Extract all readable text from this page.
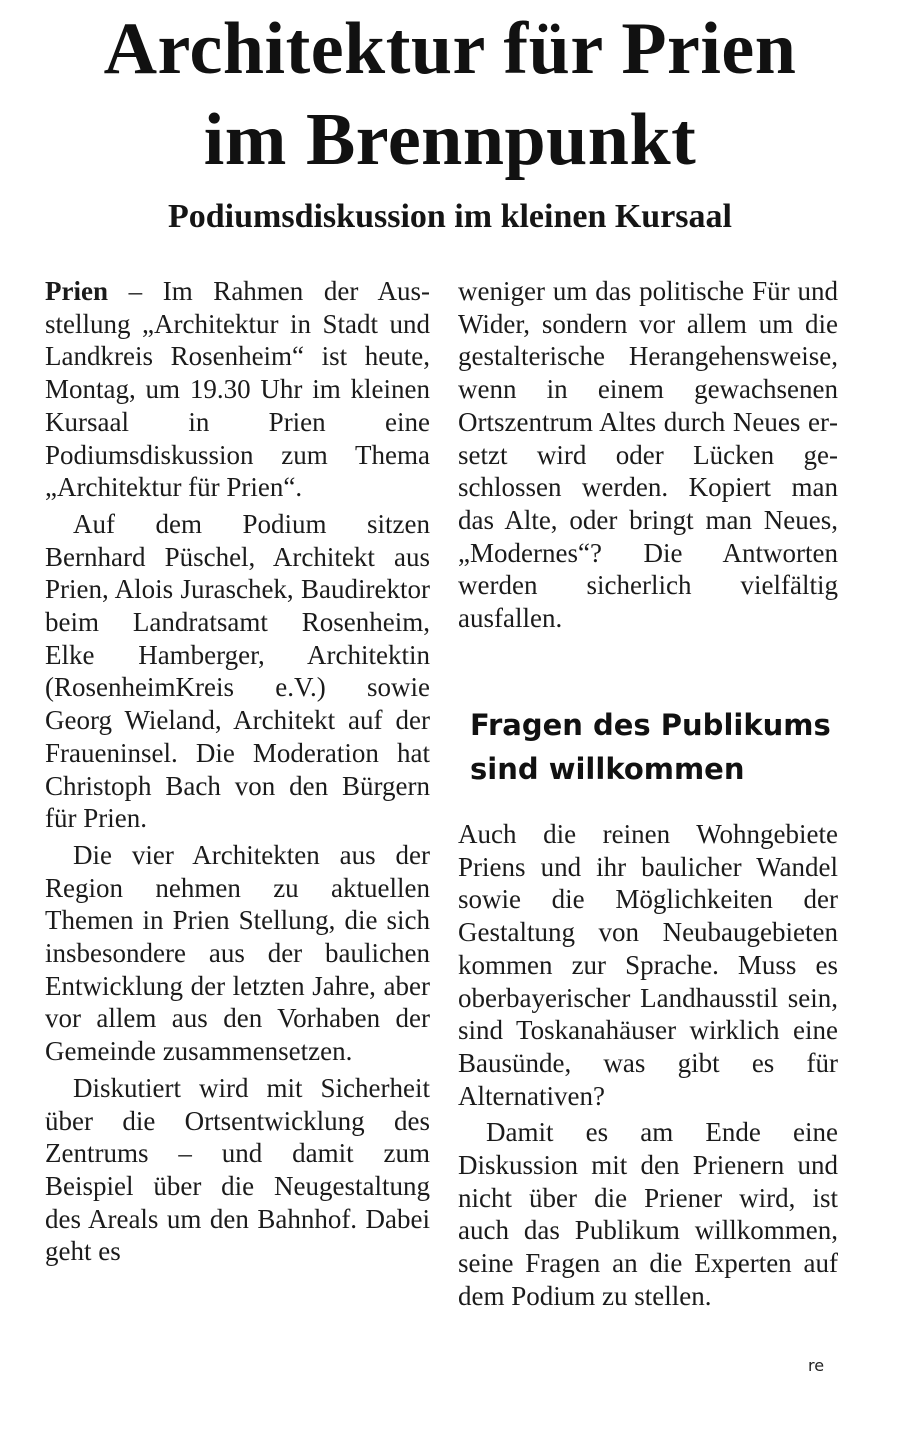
Architektur für Prien
im Brennpunkt
Podiumsdiskussion im kleinen Kursaal

Prien – Im Rahmen der Ausstellung „Architektur in Stadt und Landkreis Rosenheim“ ist heute, Montag, um 19.30 Uhr im kleinen Kursaal in Prien eine Podiumsdiskussion zum Thema „Architektur für Prien“.

Auf dem Podium sitzen Bernhard Püschel, Architekt aus Prien, Alois Juraschek, Baudirektor beim Landratsamt Rosenheim, Elke Hamberger, Architektin (RosenheimKreis e.V.) sowie Georg Wieland, Architekt auf der Fraueninsel. Die Moderation hat Christoph Bach von den Bürgern für Prien.

Die vier Architekten aus der Region nehmen zu aktuellen Themen in Prien Stellung, die sich insbesondere aus der baulichen Entwicklung der letzten Jahre, aber vor allem aus den Vorhaben der Gemeinde zusammensetzen.

Diskutiert wird mit Sicherheit über die Ortsentwicklung des Zentrums – und damit zum Beispiel über die Neugestaltung des Areals um den Bahnhof. Dabei geht es

weniger um das politische Für und Wider, sondern vor allem um die gestalterische Herangehensweise, wenn in einem gewachsenen Ortszentrum Altes durch Neues ersetzt wird oder Lücken geschlossen werden. Kopiert man das Alte, oder bringt man Neues, „Modernes“? Die Antworten werden sicherlich vielfältig ausfallen.

Fragen des Publikums sind willkommen

Auch die reinen Wohngebiete Priens und ihr baulicher Wandel sowie die Möglichkeiten der Gestaltung von Neubaugebieten kommen zur Sprache. Muss es oberbayerischer Landhausstil sein, sind Toskanahäuser wirklich eine Bausünde, was gibt es für Alternativen?

Damit es am Ende eine Diskussion mit den Prienern und nicht über die Priener wird, ist auch das Publikum willkommen, seine Fragen an die Experten auf dem Podium zu stellen.

re
